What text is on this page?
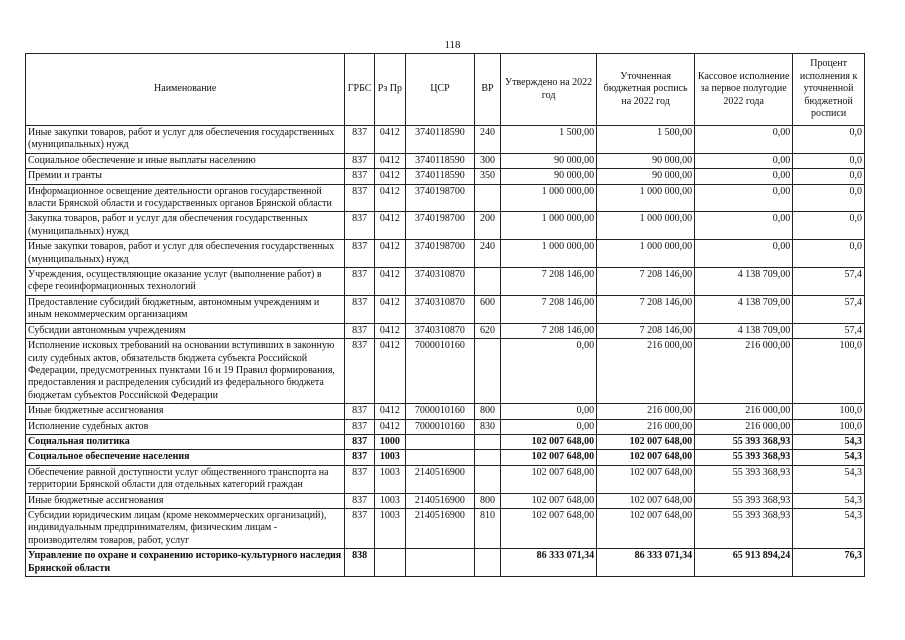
118
Наименование	ГРБС	Рз Пр	ЦСР	ВР	Утверждено на 2022 год	Уточненная бюджетная роспись на 2022 год	Кассовое исполнение за первое полугодие 2022 года	Процент исполнения к уточненной бюджетной росписи
Иные закупки товаров, работ и услуг для обеспечения государственных (муниципальных) нужд	837	0412	3740118590	240	1 500,00	1 500,00	0,00	0,0
Социальное обеспечение и иные выплаты населению	837	0412	3740118590	300	90 000,00	90 000,00	0,00	0,0
Премии и гранты	837	0412	3740118590	350	90 000,00	90 000,00	0,00	0,0
Информационное освещение деятельности органов государственной власти Брянской области и государственных органов Брянской области	837	0412	3740198700		1 000 000,00	1 000 000,00	0,00	0,0
Закупка товаров, работ и услуг для обеспечения государственных (муниципальных) нужд	837	0412	3740198700	200	1 000 000,00	1 000 000,00	0,00	0,0
Иные закупки товаров, работ и услуг для обеспечения государственных (муниципальных) нужд	837	0412	3740198700	240	1 000 000,00	1 000 000,00	0,00	0,0
Учреждения, осуществляющие оказание услуг (выполнение работ) в сфере геоинформационных технологий	837	0412	3740310870		7 208 146,00	7 208 146,00	4 138 709,00	57,4
Предоставление субсидий бюджетным, автономным учреждениям и иным некоммерческим организациям	837	0412	3740310870	600	7 208 146,00	7 208 146,00	4 138 709,00	57,4
Субсидии автономным учреждениям	837	0412	3740310870	620	7 208 146,00	7 208 146,00	4 138 709,00	57,4
Исполнение исковых требований на основании вступивших в законную силу судебных актов, обязательств бюджета субъекта Российской Федерации, предусмотренных пунктами 16 и 19 Правил формирования, предоставления и распределения субсидий из федерального бюджета бюджетам субъектов Российской Федерации	837	0412	7000010160		0,00	216 000,00	216 000,00	100,0
Иные бюджетные ассигнования	837	0412	7000010160	800	0,00	216 000,00	216 000,00	100,0
Исполнение судебных актов	837	0412	7000010160	830	0,00	216 000,00	216 000,00	100,0
Социальная политика	837	1000			102 007 648,00	102 007 648,00	55 393 368,93	54,3
Социальное обеспечение населения	837	1003			102 007 648,00	102 007 648,00	55 393 368,93	54,3
Обеспечение равной доступности услуг общественного транспорта на территории Брянской области для отдельных категорий граждан	837	1003	2140516900		102 007 648,00	102 007 648,00	55 393 368,93	54,3
Иные бюджетные ассигнования	837	1003	2140516900	800	102 007 648,00	102 007 648,00	55 393 368,93	54,3
Субсидии юридическим лицам (кроме некоммерческих организаций), индивидуальным предпринимателям, физическим лицам - производителям товаров, работ, услуг	837	1003	2140516900	810	102 007 648,00	102 007 648,00	55 393 368,93	54,3
Управление по охране и сохранению историко-культурного наследия Брянской области	838				86 333 071,34	86 333 071,34	65 913 894,24	76,3
